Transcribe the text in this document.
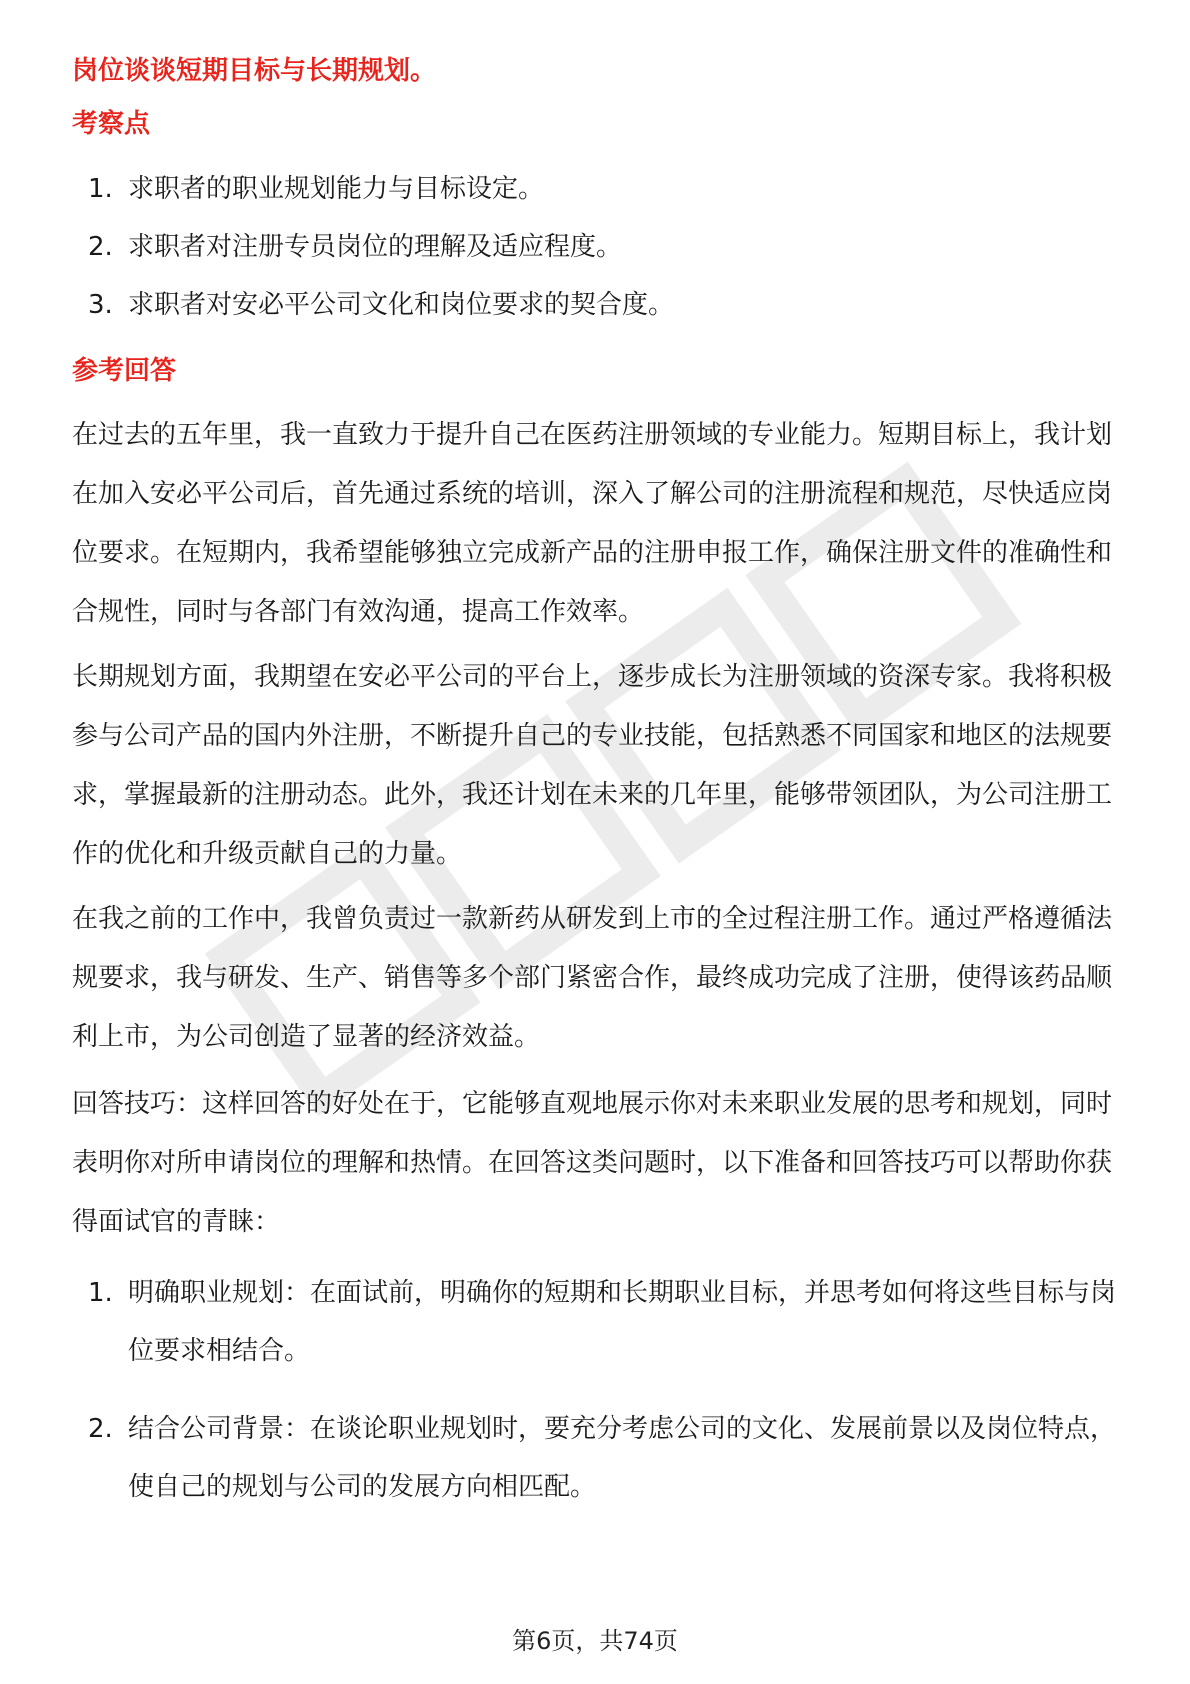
岗位谈谈短期目标与长期规划。

考察点

1. 求职者的职业规划能力与目标设定。
2. 求职者对注册专员岗位的理解及适应程度。
3. 求职者对安必平公司文化和岗位要求的契合度。

参考回答

在过去的五年里，我一直致力于提升自己在医药注册领域的专业能力。短期目标上，我计划在加入安必平公司后，首先通过系统的培训，深入了解公司的注册流程和规范，尽快适应岗位要求。在短期内，我希望能够独立完成新产品的注册申报工作，确保注册文件的准确性和合规性，同时与各部门有效沟通，提高工作效率。

长期规划方面，我期望在安必平公司的平台上，逐步成长为注册领域的资深专家。我将积极参与公司产品的国内外注册，不断提升自己的专业技能，包括熟悉不同国家和地区的法规要求，掌握最新的注册动态。此外，我还计划在未来的几年里，能够带领团队，为公司注册工作的优化和升级贡献自己的力量。

在我之前的工作中，我曾负责过一款新药从研发到上市的全过程注册工作。通过严格遵循法规要求，我与研发、生产、销售等多个部门紧密合作，最终成功完成了注册，使得该药品顺利上市，为公司创造了显著的经济效益。

回答技巧：这样回答的好处在于，它能够直观地展示你对未来职业发展的思考和规划，同时表明你对所申请岗位的理解和热情。在回答这类问题时，以下准备和回答技巧可以帮助你获得面试官的青睐：

1. 明确职业规划：在面试前，明确你的短期和长期职业目标，并思考如何将这些目标与岗位要求相结合。
2. 结合公司背景：在谈论职业规划时，要充分考虑公司的文化、发展前景以及岗位特点，使自己的规划与公司的发展方向相匹配。
第6页，共74页
